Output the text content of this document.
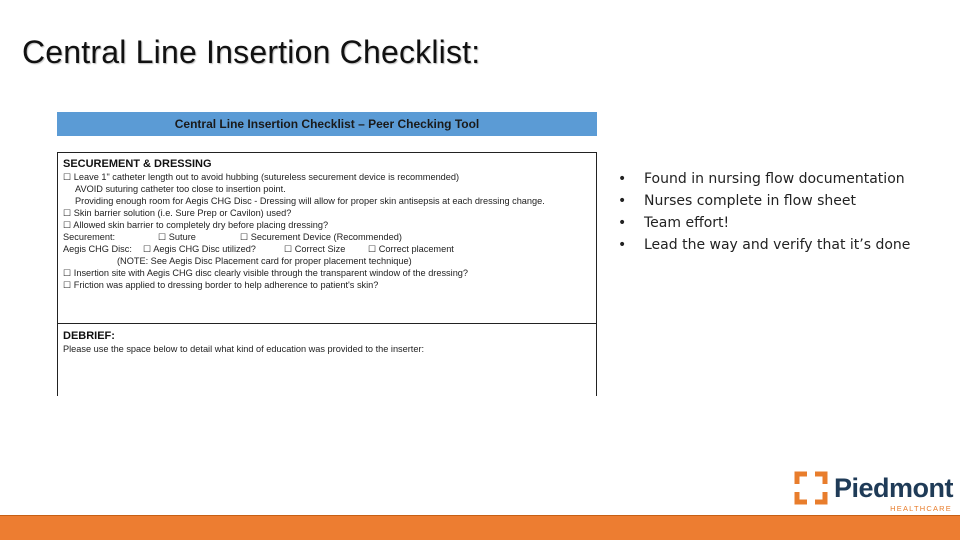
Central Line Insertion Checklist:
Central Line Insertion Checklist – Peer Checking Tool
SECUREMENT & DRESSING
☐ Leave 1" catheter length out to avoid hubbing (sutureless securement device is recommended)
AVOID suturing catheter too close to insertion point.
Providing enough room for Aegis CHG Disc - Dressing will allow for proper skin antisepsis at each dressing change.
☐ Skin barrier solution (i.e. Sure Prep or Cavilon) used?
☐ Allowed skin barrier to completely dry before placing dressing?
Securement:	☐ Suture	☐ Securement Device (Recommended)
Aegis CHG Disc:	☐ Aegis CHG Disc utilized?	☐ Correct Size	☐ Correct placement
(NOTE: See Aegis Disc Placement card for proper placement technique)
☐ Insertion site with Aegis CHG disc clearly visible through the transparent window of the dressing?
☐ Friction was applied to dressing border to help adherence to patient's skin?
DEBRIEF:
Please use the space below to detail what kind of education was provided to the inserter:
• Found in nursing flow documentation
• Nurses complete in flow sheet
• Team effort!
• Lead the way and verify that it’s done
Piedmont
HEALTHCARE
